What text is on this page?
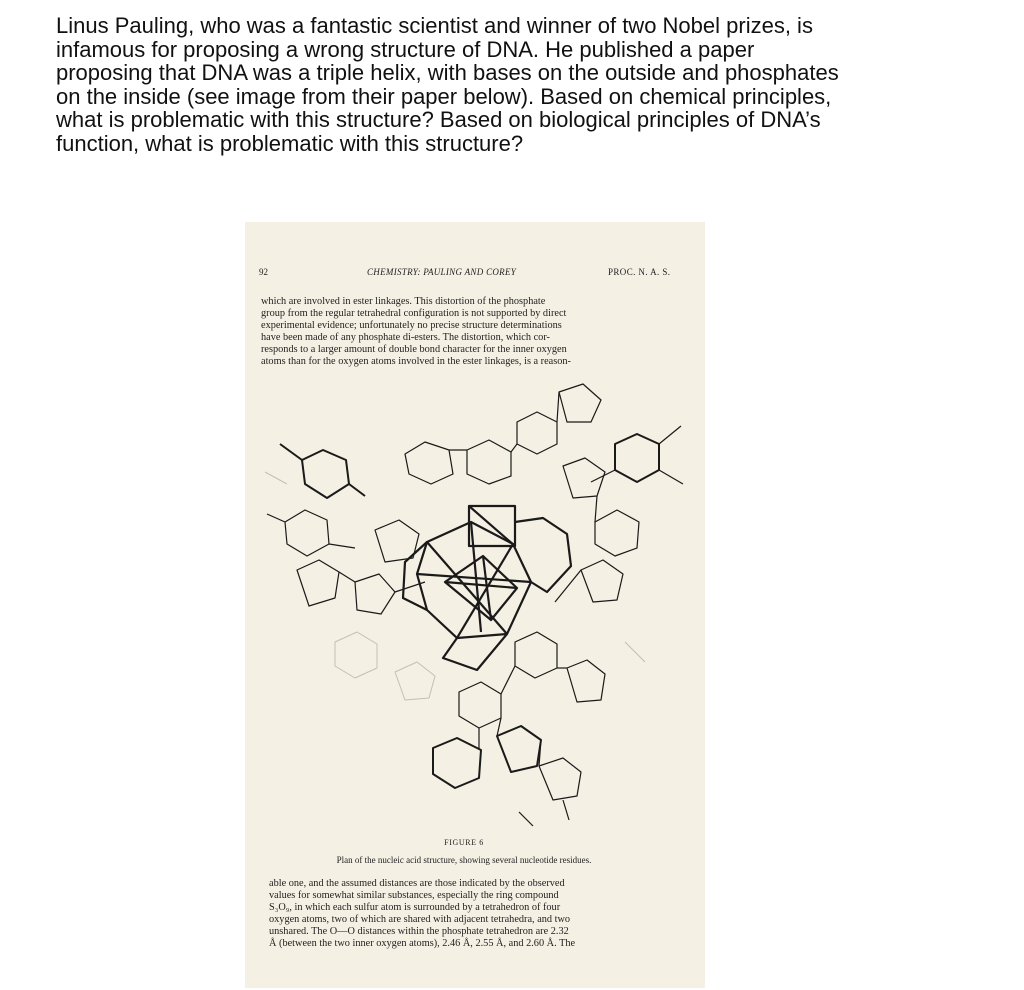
Linus Pauling, who was a fantastic scientist and winner of two Nobel prizes, is
infamous for proposing a wrong structure of DNA. He published a paper
proposing that DNA was a triple helix, with bases on the outside and phosphates
on the inside (see image from their paper below). Based on chemical principles,
what is problematic with this structure? Based on biological principles of DNA’s
function, what is problematic with this structure?
92	CHEMISTRY: PAULING AND COREY	PROC. N. A. S.
which are involved in ester linkages. This distortion of the phosphate
group from the regular tetrahedral configuration is not supported by direct
experimental evidence; unfortunately no precise structure determinations
have been made of any phosphate di-esters. The distortion, which cor-
responds to a larger amount of double bond character for the inner oxygen
atoms than for the oxygen atoms involved in the ester linkages, is a reason-
FIGURE 6
Plan of the nucleic acid structure, showing several nucleotide residues.
able one, and the assumed distances are those indicated by the observed
values for somewhat similar substances, especially the ring compound
S₃O₉, in which each sulfur atom is surrounded by a tetrahedron of four
oxygen atoms, two of which are shared with adjacent tetrahedra, and two
unshared. The O—O distances within the phosphate tetrahedron are 2.32
Å (between the two inner oxygen atoms), 2.46 Å, 2.55 Å, and 2.60 Å. The
